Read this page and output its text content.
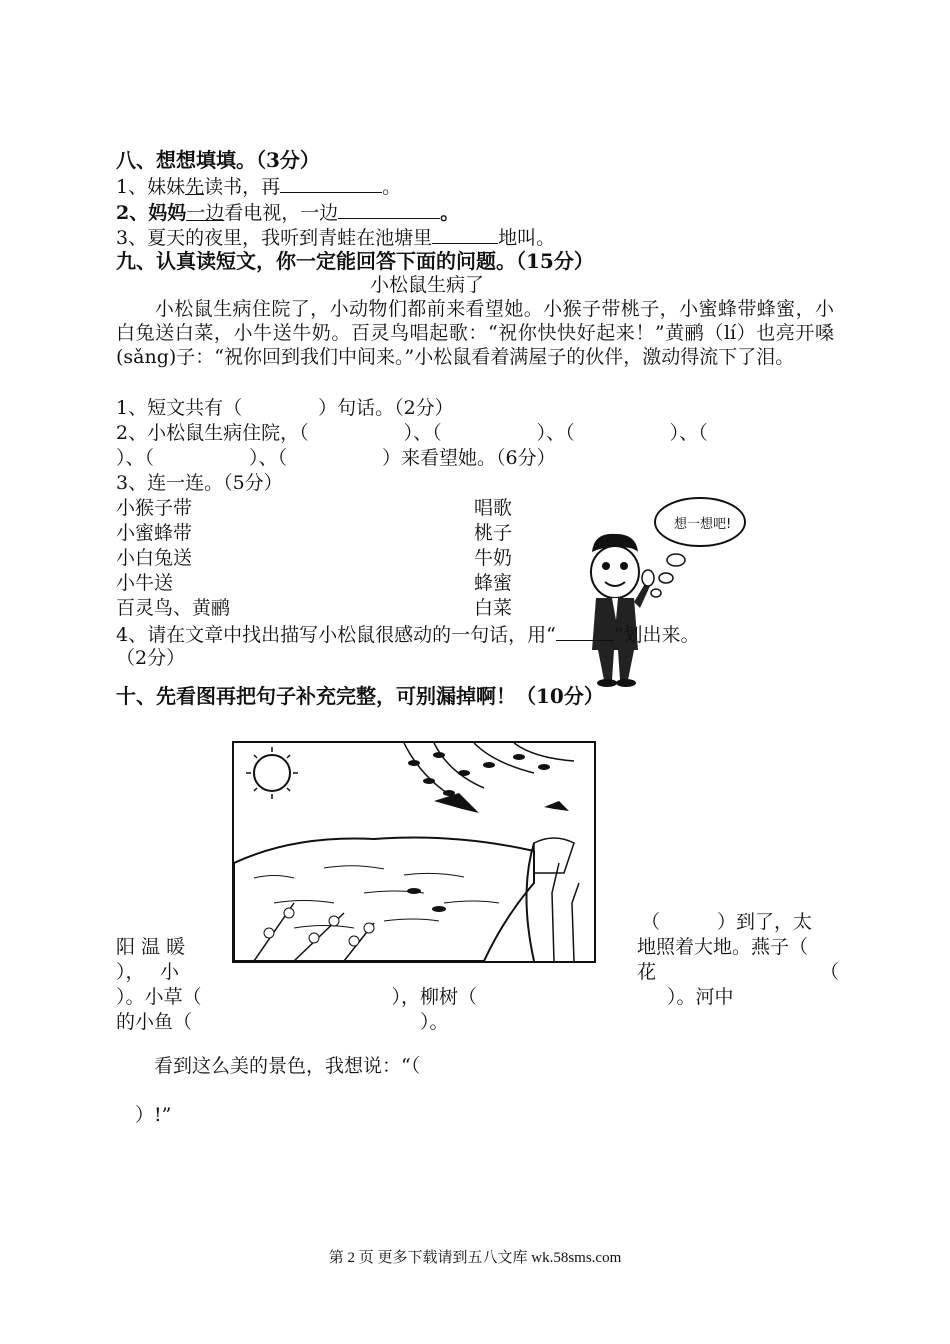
八、想想填填。（3分）
1、妹妹先读书，再	。
2、妈妈一边看电视，一边	。
3、夏天的夜里，我听到青蛙在池塘里	地叫。
九、认真读短文，你一定能回答下面的问题。（15分）
小松鼠生病了
　　小松鼠生病住院了，小动物们都前来看望她。小猴子带桃子，小蜜蜂带蜂蜜，小白兔送白菜，小牛送牛奶。百灵鸟唱起歌：“祝你快快好起来！”黄鹂（lí）也亮开嗓(sǎng)子：“祝你回到我们中间来。”小松鼠看着满屋子的伙伴，激动得流下了泪。
1、短文共有（　　　　）句话。（2分）
2、小松鼠生病住院，（　　　　　）、（　　　　　）、（　　　　　）、（
）、（　　　　　）、（　　　　　）来看望她。（6分）
3、连一连。（5分）
小猴子带
小蜜蜂带
小白兔送
小牛送
百灵鸟、黄鹂
唱歌
桃子
牛奶
蜂蜜
白菜
想一想吧!
4、请在文章中找出描写小松鼠很感动的一句话，用“	”划出来。
（2分）
十、先看图再把句子补充完整，可别漏掉啊！（10分）
（　　　）到了，太
阳 温 暖	地照着大地。燕子（
），　 小	花	（
）。小草（　　　　　　　　　　），柳树（　　　　　　　　　　）。河中
的小鱼（　　　　　　　　　　　　）。
　　看到这么美的景色，我想说：“（
　）!”
第 2 页 更多下载请到五八文库 wk.58sms.com
